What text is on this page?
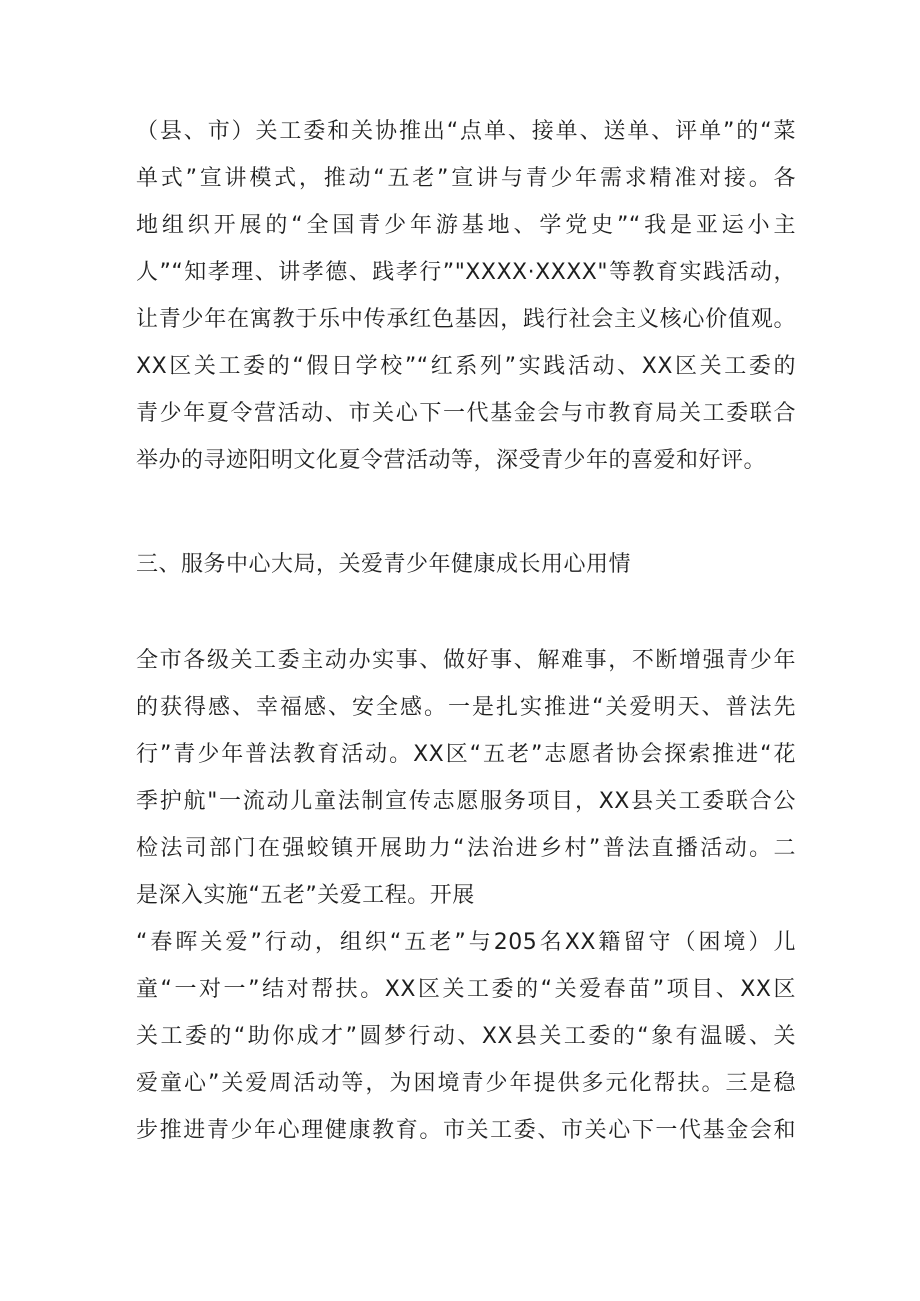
（县、市）关工委和关协推出“点单、接单、送单、评单”的“菜
单式”宣讲模式，推动“五老”宣讲与青少年需求精准对接。各
地组织开展的“全国青少年游基地、学党史”“我是亚运小主
人”“知孝理、讲孝德、践孝行”"XXXX·XXXX"等教育实践活动，
让青少年在寓教于乐中传承红色基因，践行社会主义核心价值观。
XX区关工委的“假日学校”“红系列”实践活动、XX区关工委的
青少年夏令营活动、市关心下一代基金会与市教育局关工委联合
举办的寻迹阳明文化夏令营活动等，深受青少年的喜爱和好评。
三、服务中心大局，关爱青少年健康成长用心用情
全市各级关工委主动办实事、做好事、解难事，不断增强青少年
的获得感、幸福感、安全感。一是扎实推进“关爱明天、普法先
行”青少年普法教育活动。XX区“五老”志愿者协会探索推进“花
季护航"一流动儿童法制宣传志愿服务项目，XX县关工委联合公
检法司部门在强蛟镇开展助力“法治进乡村”普法直播活动。二
是深入实施“五老”关爱工程。开展
“春晖关爱”行动，组织“五老”与205名XX籍留守（困境）儿
童“一对一”结对帮扶。XX区关工委的“关爱春苗”项目、XX区
关工委的“助你成才”圆梦行动、XX县关工委的“象有温暖、关
爱童心”关爱周活动等，为困境青少年提供多元化帮扶。三是稳
步推进青少年心理健康教育。市关工委、市关心下一代基金会和
